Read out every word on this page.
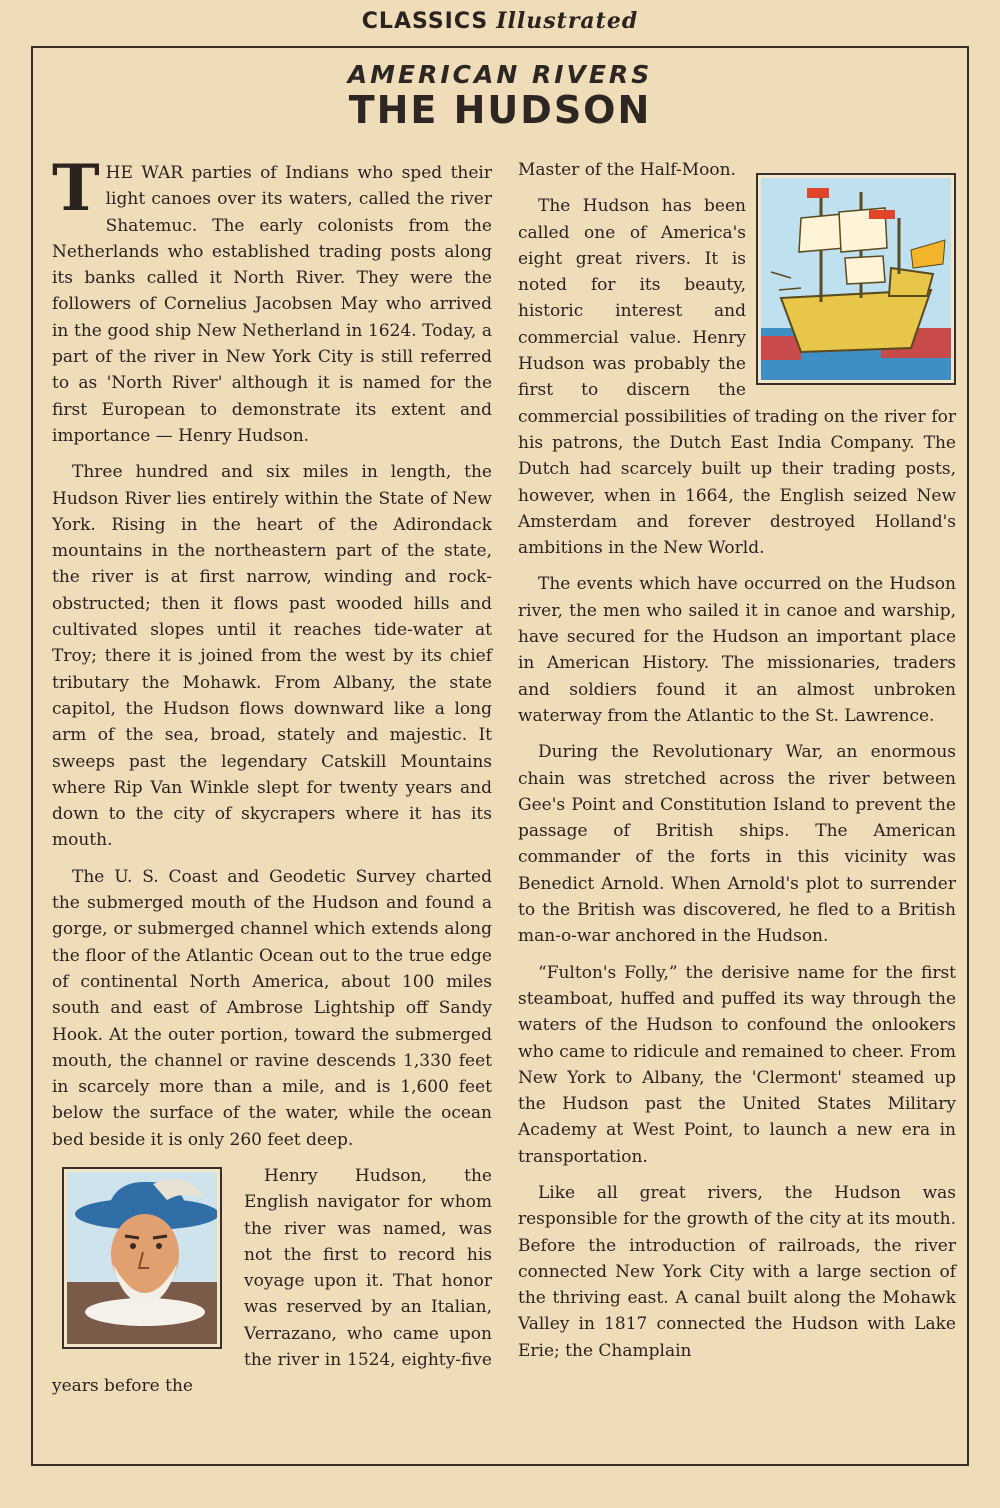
CLASSICS Illustrated
AMERICAN RIVERS
THE HUDSON

THE WAR parties of Indians who sped their light canoes over its waters, called the river Shatemuc. The early colonists from the Netherlands who established trading posts along its banks called it North River. They were the followers of Cornelius Jacobsen May who arrived in the good ship New Netherland in 1624. Today, a part of the river in New York City is still referred to as 'North River' although it is named for the first European to demonstrate its extent and importance — Henry Hudson.

Three hundred and six miles in length, the Hudson River lies entirely within the State of New York. Rising in the heart of the Adirondack mountains in the northeastern part of the state, the river is at first narrow, winding and rock-obstructed; then it flows past wooded hills and cultivated slopes until it reaches tide-water at Troy; there it is joined from the west by its chief tributary the Mohawk. From Albany, the state capitol, the Hudson flows downward like a long arm of the sea, broad, stately and majestic. It sweeps past the legendary Catskill Mountains where Rip Van Winkle slept for twenty years and down to the city of skycrapers where it has its mouth.

The U. S. Coast and Geodetic Survey charted the submerged mouth of the Hudson and found a gorge, or submerged channel which extends along the floor of the Atlantic Ocean out to the true edge of continental North America, about 100 miles south and east of Ambrose Lightship off Sandy Hook. At the outer portion, toward the submerged mouth, the channel or ravine descends 1,330 feet in scarcely more than a mile, and is 1,600 feet below the surface of the water, while the ocean bed beside it is only 260 feet deep.

Henry Hudson, the English navigator for whom the river was named, was not the first to record his voyage upon it. That honor was reserved by an Italian, Verrazano, who came upon the river in 1524, eighty-five years before the

Master of the Half-Moon.

The Hudson has been called one of America's eight great rivers. It is noted for its beauty, historic interest and commercial value. Henry Hudson was probably the first to discern the commercial possibilities of trading on the river for his patrons, the Dutch East India Company. The Dutch had scarcely built up their trading posts, however, when in 1664, the English seized New Amsterdam and forever destroyed Holland's ambitions in the New World.

The events which have occurred on the Hudson river, the men who sailed it in canoe and warship, have secured for the Hudson an important place in American History. The missionaries, traders and soldiers found it an almost unbroken waterway from the Atlantic to the St. Lawrence.

During the Revolutionary War, an enormous chain was stretched across the river between Gee's Point and Constitution Island to prevent the passage of British ships. The American commander of the forts in this vicinity was Benedict Arnold. When Arnold's plot to surrender to the British was discovered, he fled to a British man-o-war anchored in the Hudson.

“Fulton's Folly,” the derisive name for the first steamboat, huffed and puffed its way through the waters of the Hudson to confound the onlookers who came to ridicule and remained to cheer. From New York to Albany, the 'Clermont' steamed up the Hudson past the United States Military Academy at West Point, to launch a new era in transportation.

Like all great rivers, the Hudson was responsible for the growth of the city at its mouth. Before the introduction of railroads, the river connected New York City with a large section of the thriving east. A canal built along the Mohawk Valley in 1817 connected the Hudson with Lake Erie; the Champlain
